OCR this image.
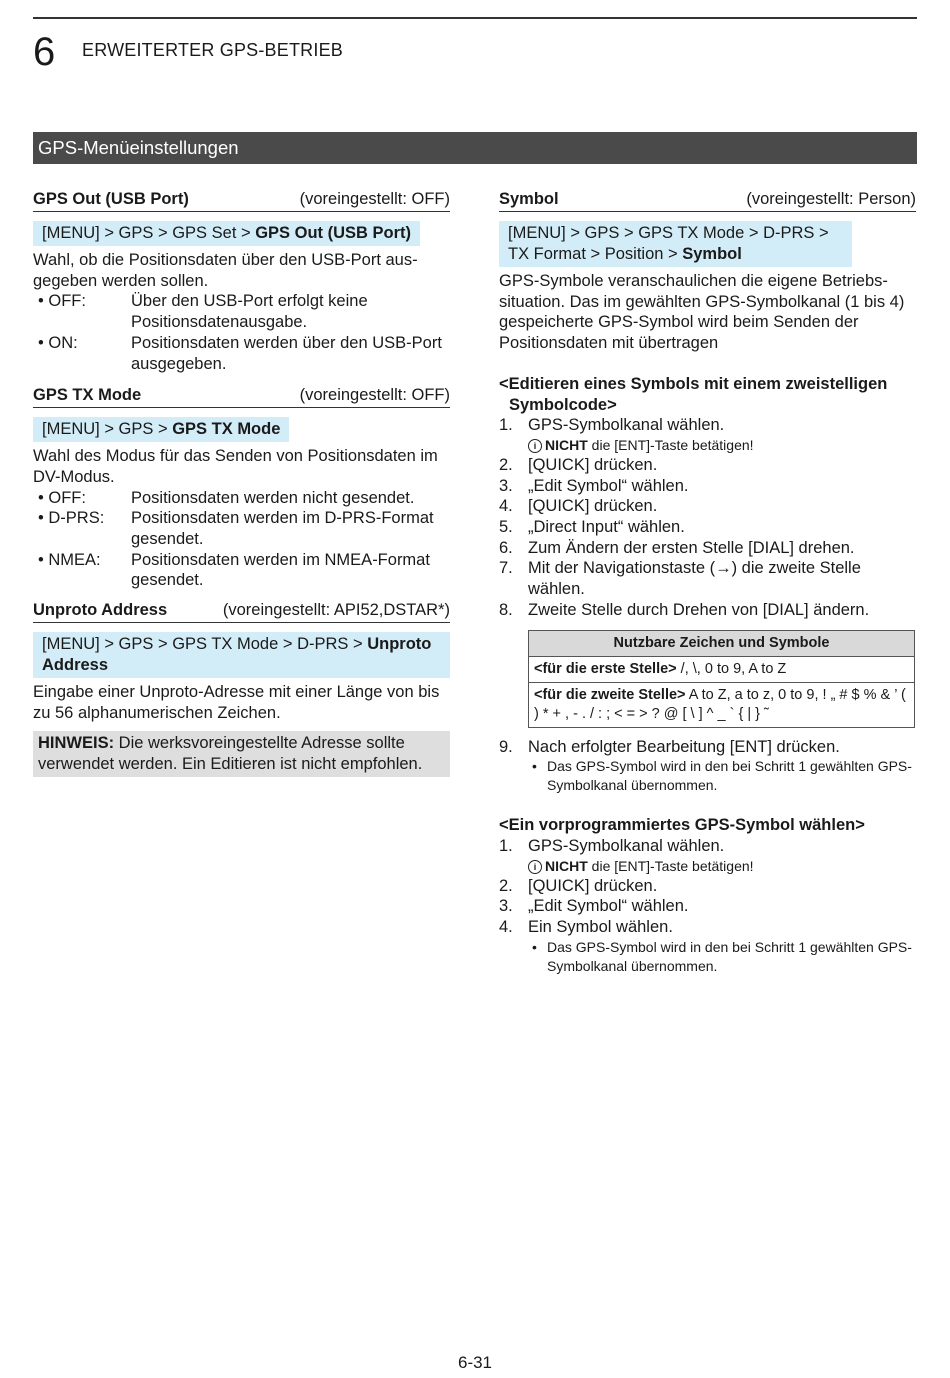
6 ERWEITERTER GPS-BETRIEB
GPS-Menüeinstellungen
GPS Out (USB Port)	(voreingestellt: OFF)
[MENU] > GPS > GPS Set > GPS Out (USB Port)

Wahl, ob die Positionsdaten über den USB-Port aus-gegeben werden sollen.

• OFF:	Über den USB-Port erfolgt keine Positionsdatenausgabe.
• ON:	Positionsdaten werden über den USB-Port ausgegeben.
GPS TX Mode	(voreingestellt: OFF)
[MENU] > GPS > GPS TX Mode

Wahl des Modus für das Senden von Positionsdaten im DV-Modus.

• OFF:	Positionsdaten werden nicht gesendet.
• D-PRS:	Positionsdaten werden im D-PRS-Format gesendet.
• NMEA:	Positionsdaten werden im NMEA-Format gesendet.
Unproto Address	(voreingestellt: API52,DSTAR*)
[MENU] > GPS > GPS TX Mode > D-PRS > Unproto Address

Eingabe einer Unproto-Adresse mit einer Länge von bis zu 56 alphanumerischen Zeichen.

HINWEIS: Die werksvoreingestellte Adresse sollte verwendet werden. Ein Editieren ist nicht empfohlen.
Symbol	(voreingestellt: Person)
[MENU] > GPS > GPS TX Mode > D-PRS > TX Format > Position > Symbol

GPS-Symbole veranschaulichen die eigene Betriebs-situation. Das im gewählten GPS-Symbolkanal (1 bis 4) gespeicherte GPS-Symbol wird beim Senden der Positionsdaten mit übertragen

<Editieren eines Symbols mit einem zweistelligen
Symbolcode>
1. GPS-Symbolkanal wählen.
i NICHT die [ENT]-Taste betätigen!
2. [QUICK] drücken.
3. „Edit Symbol“ wählen.
4. [QUICK] drücken.
5. „Direct Input“ wählen.
6. Zum Ändern der ersten Stelle [DIAL] drehen.
7. Mit der Navigationstaste (→) die zweite Stelle wählen.
8. Zweite Stelle durch Drehen von [DIAL] ändern.
Nutzbare Zeichen und Symbole
<für die erste Stelle> /, \, 0 to 9, A to Z
<für die zweite Stelle> A to Z, a to z, 0 to 9, ! „ # $ % & ’ ( ) * + , - . / : ; < = > ? @ [ \ ] ^ _ ` { | } ˜
9. Nach erfolgter Bearbeitung [ENT] drücken.
• Das GPS-Symbol wird in den bei Schritt 1 gewählten GPS-Symbolkanal übernommen.
<Ein vorprogrammiertes GPS-Symbol wählen>
1. GPS-Symbolkanal wählen.
i NICHT die [ENT]-Taste betätigen!
2. [QUICK] drücken.
3. „Edit Symbol“ wählen.
4. Ein Symbol wählen.
• Das GPS-Symbol wird in den bei Schritt 1 gewählten GPS-Symbolkanal übernommen.
6-31
